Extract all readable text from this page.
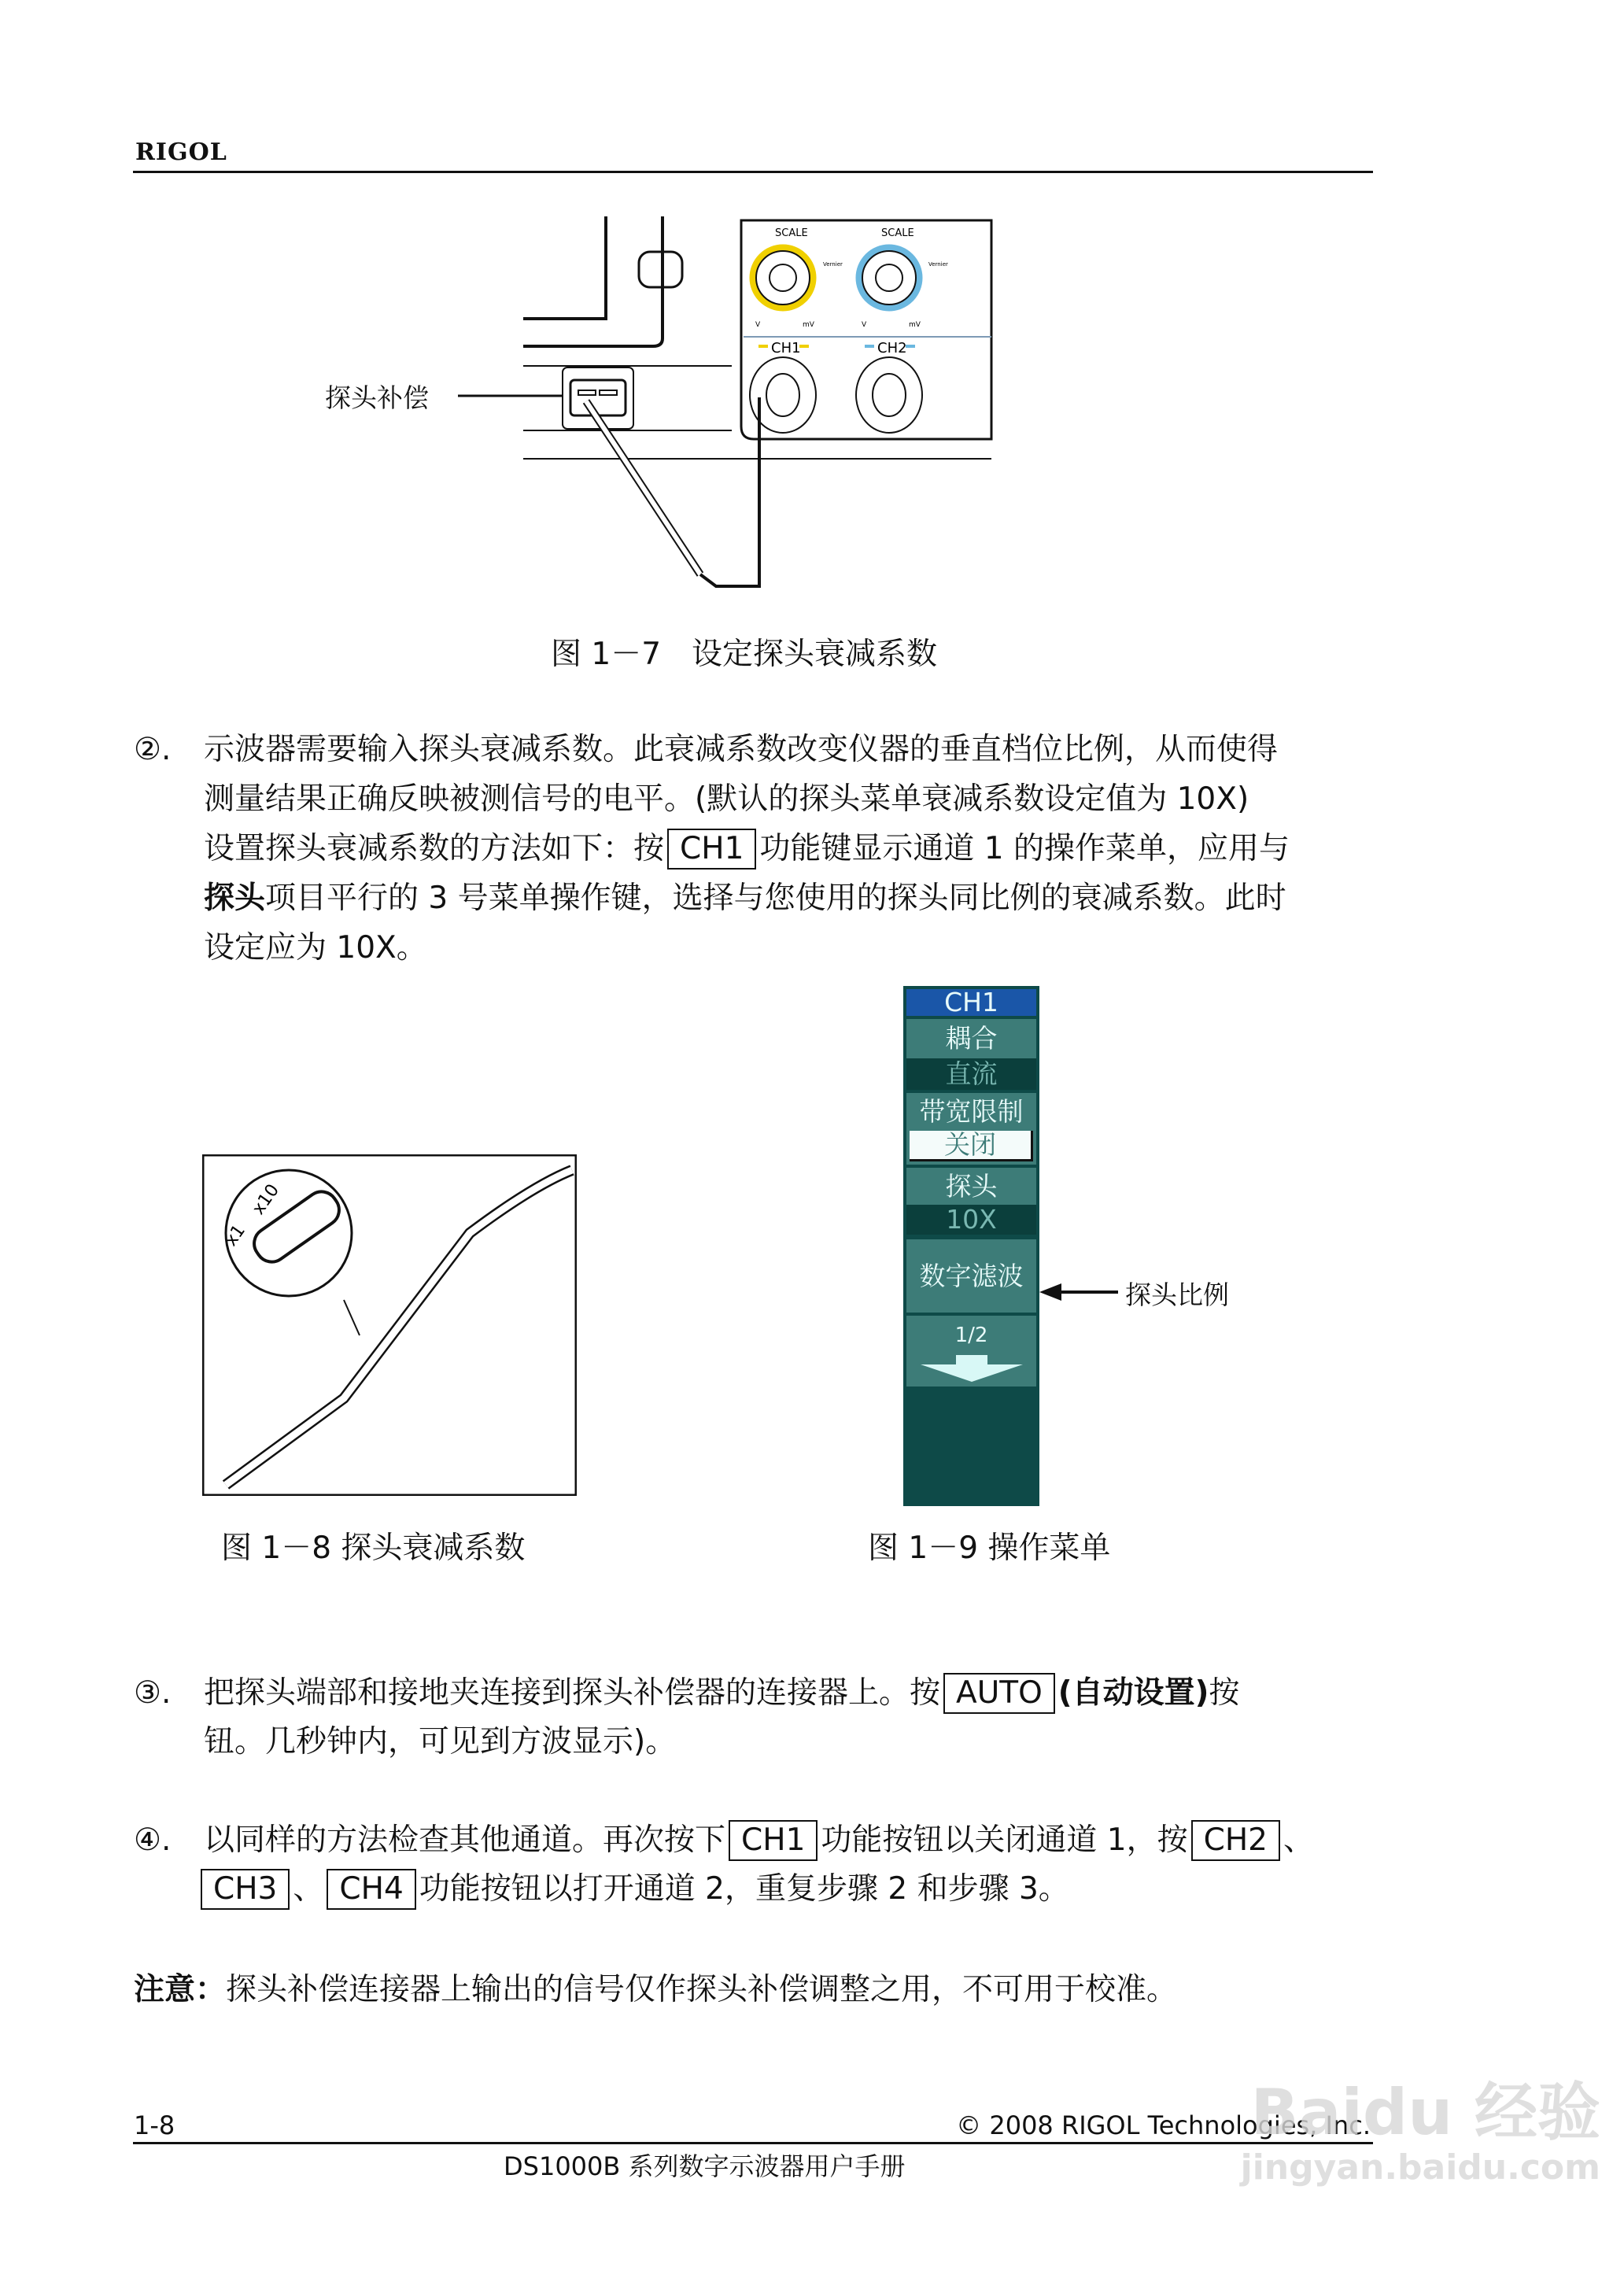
RIGOL
探头补偿
SCALE	SCALE
Vernier	Vernier
V	mV	V	mV
CH1	CH2
图 1－7　设定探头衰减系数
②. 示波器需要输入探头衰减系数。此衰减系数改变仪器的垂直档位比例，从而使得
测量结果正确反映被测信号的电平。(默认的探头菜单衰减系数设定值为 10X)
设置探头衰减系数的方法如下：按 CH1 功能键显示通道 1 的操作菜单，应用与
探头项目平行的 3 号菜单操作键，选择与您使用的探头同比例的衰减系数。此时
设定应为 10X。
x1
x10
图 1－8 探头衰减系数
CH1
耦合
直流
带宽限制
关闭
探头
10X
数字滤波
1/2
探头比例
图 1－9 操作菜单
③. 把探头端部和接地夹连接到探头补偿器的连接器上。按 AUTO (自动设置)按
钮。几秒钟内，可见到方波显示)。
④. 以同样的方法检查其他通道。再次按下 CH1 功能按钮以关闭通道 1，按 CH2 、
CH3 、 CH4 功能按钮以打开通道 2，重复步骤 2 和步骤 3。
注意：探头补偿连接器上输出的信号仅作探头补偿调整之用，不可用于校准。
1-8	© 2008 RIGOL Technologies, Inc.
DS1000B 系列数字示波器用户手册
Baidu 经验
jingyan.baidu.com
